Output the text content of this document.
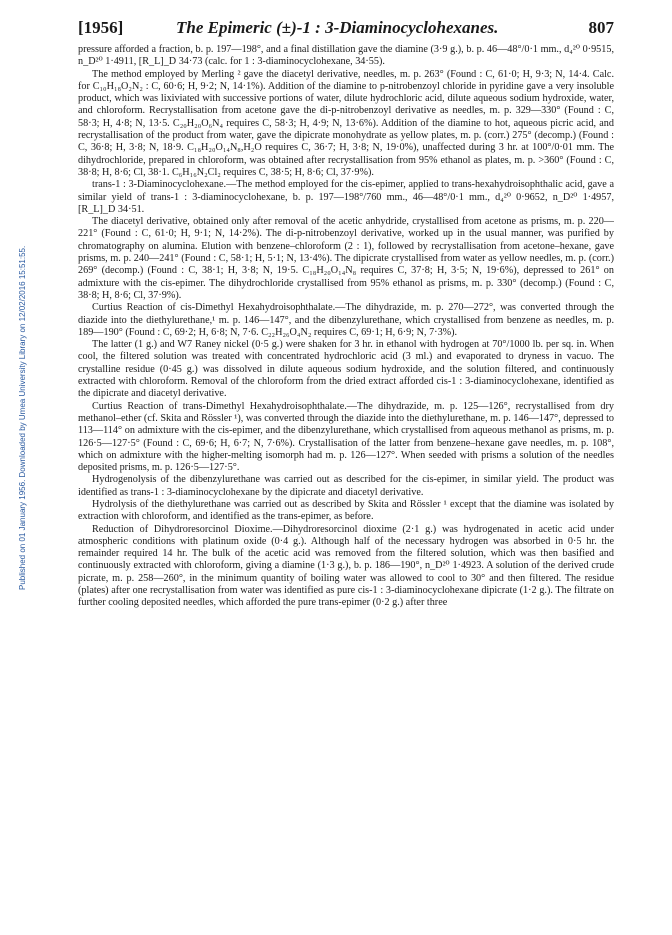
Published on 01 January 1956. Downloaded by Umea University Library on 12/02/2016 15:51:55.
[1956]	The Epimeric (±)-1 : 3-Diaminocyclohexanes.	807

pressure afforded a fraction, b. p. 197—198°, and a final distillation gave the diamine (3·9 g.), b. p. 46—48°/0·1 mm., d₄²⁰ 0·9515, n_D²⁰ 1·4911, [R_L]_D 34·73 (calc. for 1 : 3-diaminocyclohexane, 34·55).

The method employed by Merling ² gave the diacetyl derivative, needles, m. p. 263° (Found : C, 61·0; H, 9·3; N, 14·4. Calc. for C₁₀H₁₈O₂N₂ : C, 60·6; H, 9·2; N, 14·1%). Addition of the diamine to p-nitrobenzoyl chloride in pyridine gave a very insoluble product, which was lixiviated with successive portions of water, dilute hydrochloric acid, dilute aqueous sodium hydroxide, water, and chloroform. Recrystallisation from acetone gave the di-p-nitrobenzoyl derivative as needles, m. p. 329—330° (Found : C, 58·3; H, 4·8; N, 13·5. C₂₀H₂₀O₆N₄ requires C, 58·3; H, 4·9; N, 13·6%). Addition of the diamine to hot, aqueous picric acid, and recrystallisation of the product from water, gave the dipicrate monohydrate as yellow plates, m. p. (corr.) 275° (decomp.) (Found : C, 36·8; H, 3·8; N, 18·9. C₁₈H₂₀O₁₄N₈,H₂O requires C, 36·7; H, 3·8; N, 19·0%), unaffected during 3 hr. at 100°/0·01 mm. The dihydrochloride, prepared in chloroform, was obtained after recrystallisation from 95% ethanol as plates, m. p. >360° (Found : C, 38·8; H, 8·6; Cl, 38·1. C₆H₁₆N₂Cl₂ requires C, 38·5; H, 8·6; Cl, 37·9%).

trans-1 : 3-Diaminocyclohexane.—The method employed for the cis-epimer, applied to trans-hexahydroisophthalic acid, gave a similar yield of trans-1 : 3-diaminocyclohexane, b. p. 197—198°/760 mm., 46—48°/0·1 mm., d₄²⁰ 0·9652, n_D²⁰ 1·4957, [R_L]_D 34·51.

The diacetyl derivative, obtained only after removal of the acetic anhydride, crystallised from acetone as prisms, m. p. 220—221° (Found : C, 61·0; H, 9·1; N, 14·2%). The di-p-nitrobenzoyl derivative, worked up in the usual manner, was purified by chromatography on alumina. Elution with benzene–chloroform (2 : 1), followed by recrystallisation from acetone–hexane, gave prisms, m. p. 240—241° (Found : C, 58·1; H, 5·1; N, 13·4%). The dipicrate crystallised from water as yellow needles, m. p. (corr.) 269° (decomp.) (Found : C, 38·1; H, 3·8; N, 19·5. C₁₈H₂₀O₁₄N₈ requires C, 37·8; H, 3·5; N, 19·6%), depressed to 261° on admixture with the cis-epimer. The dihydrochloride crystallised from 95% ethanol as prisms, m. p. 330° (decomp.) (Found : C, 38·8; H, 8·6; Cl, 37·9%).

Curtius Reaction of cis-Dimethyl Hexahydroisophthalate.—The dihydrazide, m. p. 270—272°, was converted through the diazide into the diethylurethane,¹ m. p. 146—147°, and the dibenzylurethane, which crystallised from benzene as needles, m. p. 189—190° (Found : C, 69·2; H, 6·8; N, 7·6. C₂₂H₂₆O₄N₂ requires C, 69·1; H, 6·9; N, 7·3%).

The latter (1 g.) and W7 Raney nickel (0·5 g.) were shaken for 3 hr. in ethanol with hydrogen at 70°/1000 lb. per sq. in. When cool, the filtered solution was treated with concentrated hydrochloric acid (3 ml.) and evaporated to dryness in vacuo. The crystalline residue (0·45 g.) was dissolved in dilute aqueous sodium hydroxide, and the solution filtered, and continuously extracted with chloroform. Removal of the chloroform from the dried extract afforded cis-1 : 3-diaminocyclohexane, identified as the dipicrate and diacetyl derivative.

Curtius Reaction of trans-Dimethyl Hexahydroisophthalate.—The dihydrazide, m. p. 125—126°, recrystallised from dry methanol–ether (cf. Skita and Rössler ¹), was converted through the diazide into the diethylurethane, m. p. 146—147°, depressed to 113—114° on admixture with the cis-epimer, and the dibenzylurethane, which crystallised from aqueous methanol as prisms, m. p. 126·5—127·5° (Found : C, 69·6; H, 6·7; N, 7·6%). Crystallisation of the latter from benzene–hexane gave needles, m. p. 108°, which on admixture with the higher-melting isomorph had m. p. 126—127°. When seeded with prisms a solution of the needles deposited prisms, m. p. 126·5—127·5°.

Hydrogenolysis of the dibenzylurethane was carried out as described for the cis-epimer, in similar yield. The product was identified as trans-1 : 3-diaminocyclohexane by the dipicrate and diacetyl derivative.

Hydrolysis of the diethylurethane was carried out as described by Skita and Rössler ¹ except that the diamine was isolated by extraction with chloroform, and identified as the trans-epimer, as before.

Reduction of Dihydroresorcinol Dioxime.—Dihydroresorcinol dioxime (2·1 g.) was hydrogenated in acetic acid under atmospheric conditions with platinum oxide (0·4 g.). Although half of the necessary hydrogen was absorbed in 0·5 hr. the remainder required 14 hr. The bulk of the acetic acid was removed from the filtered solution, which was then basified and continuously extracted with chloroform, giving a diamine (1·3 g.), b. p. 186—190°, n_D²⁰ 1·4923. A solution of the derived crude picrate, m. p. 258—260°, in the minimum quantity of boiling water was allowed to cool to 30° and then filtered. The residue (plates) after one recrystallisation from water was identified as pure cis-1 : 3-diaminocyclohexane dipicrate (1·2 g.). The filtrate on further cooling deposited needles, which afforded the pure trans-epimer (0·2 g.) after three
